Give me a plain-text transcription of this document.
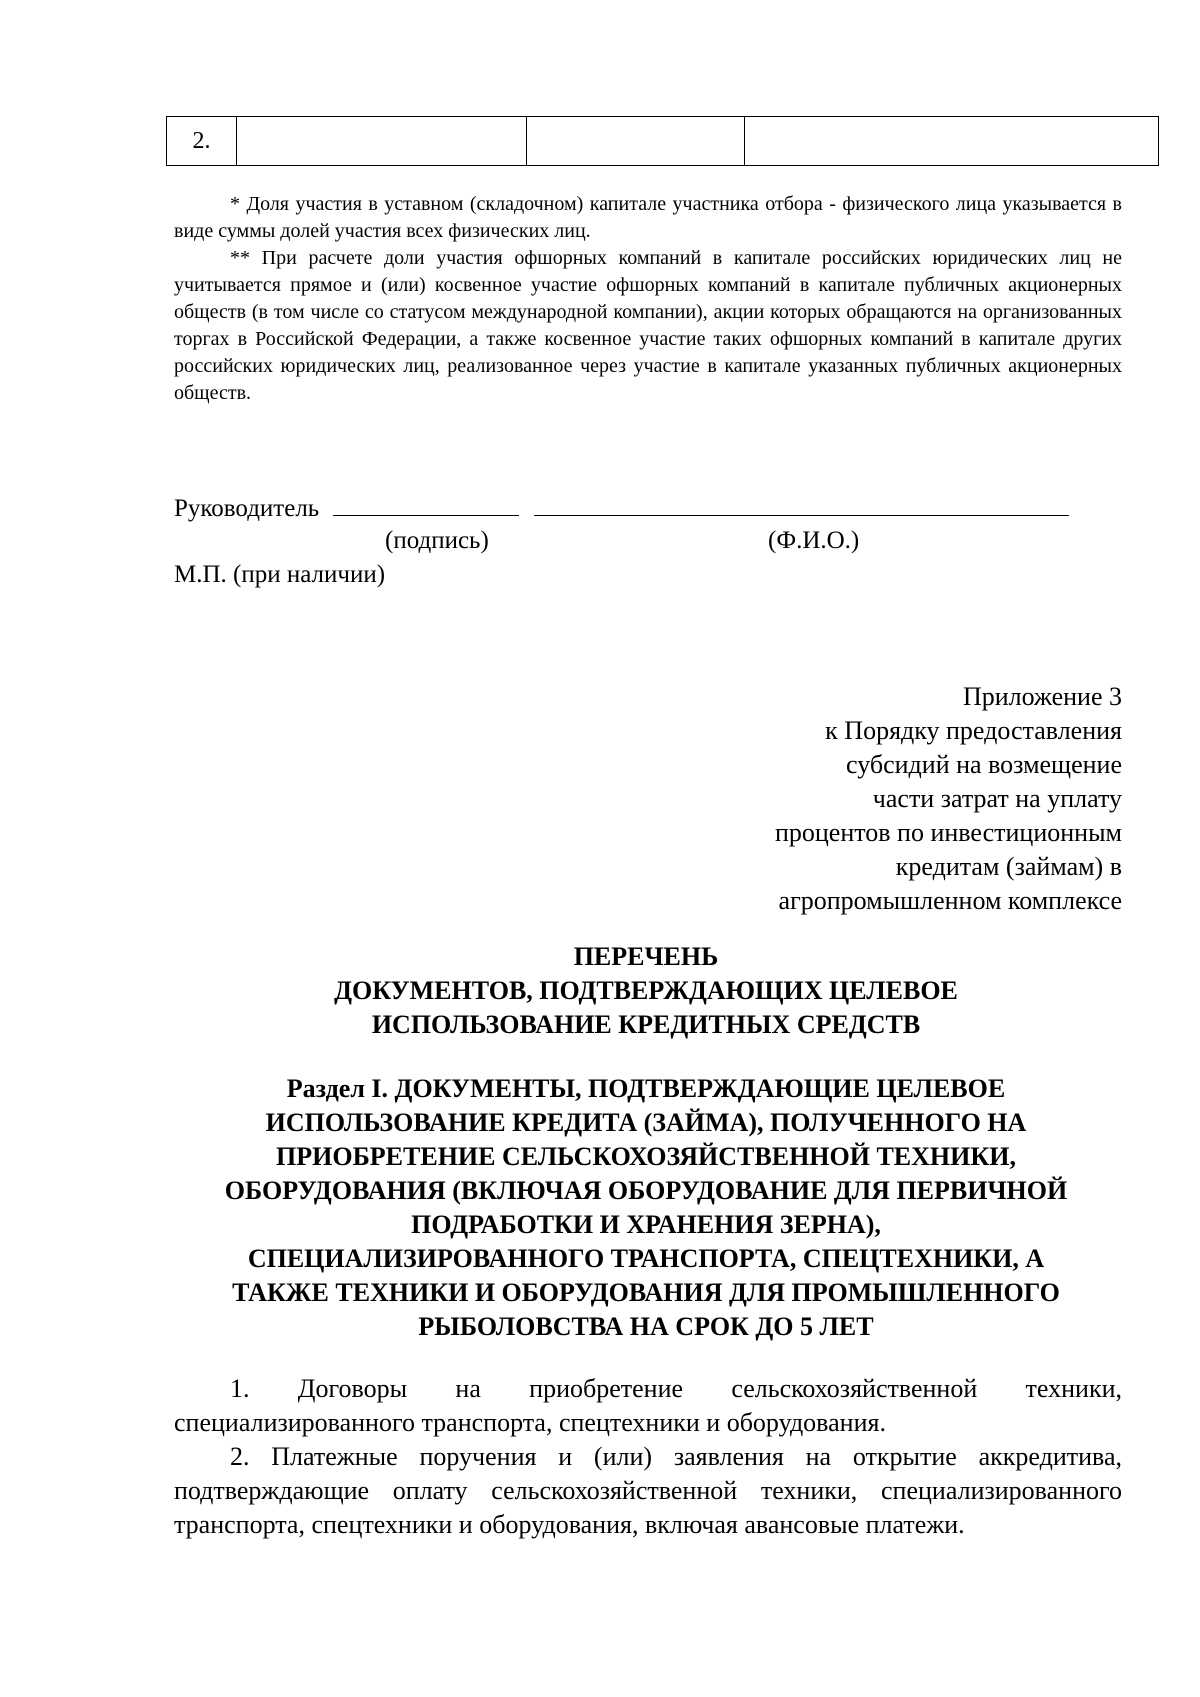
2.			

* Доля участия в уставном (складочном) капитале участника отбора - физического лица указывается в виде суммы долей участия всех физических лиц.

** При расчете доли участия офшорных компаний в капитале российских юридических лиц не учитывается прямое и (или) косвенное участие офшорных компаний в капитале публичных акционерных обществ (в том числе со статусом международной компании), акции которых обращаются на организованных торгах в Российской Федерации, а также косвенное участие таких офшорных компаний в капитале других российских юридических лиц, реализованное через участие в капитале указанных публичных акционерных обществ.

Руководитель
(подпись)	(Ф.И.О.)
М.П. (при наличии)
Приложение 3
к Порядку предоставления
субсидий на возмещение
части затрат на уплату
процентов по инвестиционным
кредитам (займам) в
агропромышленном комплексе
ПЕРЕЧЕНЬ
ДОКУМЕНТОВ, ПОДТВЕРЖДАЮЩИХ ЦЕЛЕВОЕ
ИСПОЛЬЗОВАНИЕ КРЕДИТНЫХ СРЕДСТВ
Раздел I. ДОКУМЕНТЫ, ПОДТВЕРЖДАЮЩИЕ ЦЕЛЕВОЕ
ИСПОЛЬЗОВАНИЕ КРЕДИТА (ЗАЙМА), ПОЛУЧЕННОГО НА
ПРИОБРЕТЕНИЕ СЕЛЬСКОХОЗЯЙСТВЕННОЙ ТЕХНИКИ,
ОБОРУДОВАНИЯ (ВКЛЮЧАЯ ОБОРУДОВАНИЕ ДЛЯ ПЕРВИЧНОЙ
ПОДРАБОТКИ И ХРАНЕНИЯ ЗЕРНА),
СПЕЦИАЛИЗИРОВАННОГО ТРАНСПОРТА, СПЕЦТЕХНИКИ, А
ТАКЖЕ ТЕХНИКИ И ОБОРУДОВАНИЯ ДЛЯ ПРОМЫШЛЕННОГО
РЫБОЛОВСТВА НА СРОК ДО 5 ЛЕТ

1. Договоры на приобретение сельскохозяйственной техники, специализированного транспорта, спецтехники и оборудования.

2. Платежные поручения и (или) заявления на открытие аккредитива, подтверждающие оплату сельскохозяйственной техники, специализированного транспорта, спецтехники и оборудования, включая авансовые платежи.
